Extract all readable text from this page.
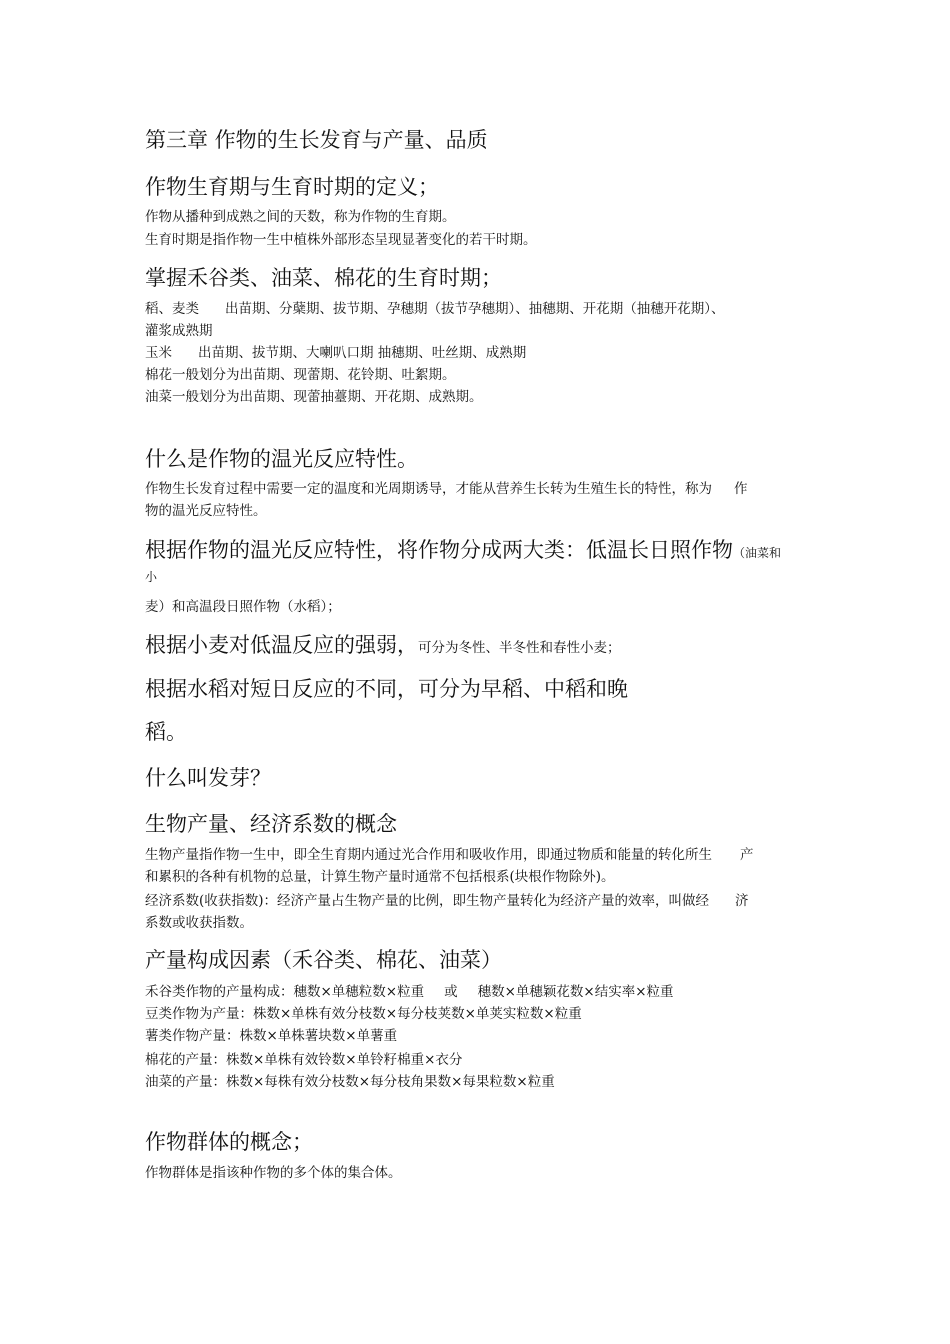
第三章 作物的生长发育与产量、品质
作物生育期与生育时期的定义；
作物从播种到成熟之间的天数，称为作物的生育期。
生育时期是指作物一生中植株外部形态呈现显著变化的若干时期。
掌握禾谷类、油菜、棉花的生育时期；
稻、麦类 出苗期、分蘖期、拔节期、孕穗期（拔节孕穗期）、抽穗期、开花期（抽穗开花期）、
灌浆成熟期
玉米 出苗期、拔节期、大喇叭口期 抽穗期、吐丝期、成熟期
棉花一般划分为出苗期、现蕾期、花铃期、吐絮期。
油菜一般划分为出苗期、现蕾抽薹期、开花期、成熟期。
什么是作物的温光反应特性。
作物生长发育过程中需要一定的温度和光周期诱导，才能从营养生长转为生殖生长的特性，称为 作
物的温光反应特性。
根据作物的温光反应特性，将作物分成两大类：低温长日照作物（油菜和
小
麦）和高温段日照作物（水稻）；
根据小麦对低温反应的强弱，可分为冬性、半冬性和春性小麦；
根据水稻对短日反应的不同，可分为早稻、中稻和晚
稻。
什么叫发芽？
生物产量、经济系数的概念
生物产量指作物一生中，即全生育期内通过光合作用和吸收作用，即通过物质和能量的转化所生 产
和累积的各种有机物的总量，计算生物产量时通常不包括根系(块根作物除外)。
经济系数(收获指数)：经济产量占生物产量的比例，即生物产量转化为经济产量的效率，叫做经 济
系数或收获指数。
产量构成因素（禾谷类、棉花、油菜）
禾谷类作物的产量构成：穗数×单穗粒数×粒重 或 穗数×单穗颖花数×结实率×粒重
豆类作物为产量：株数×单株有效分枝数×每分枝荚数×单荚实粒数×粒重
薯类作物产量：株数×单株薯块数×单薯重
棉花的产量：株数×单株有效铃数×单铃籽棉重×衣分
油菜的产量：株数×每株有效分枝数×每分枝角果数×每果粒数×粒重
作物群体的概念；
作物群体是指该种作物的多个体的集合体。
